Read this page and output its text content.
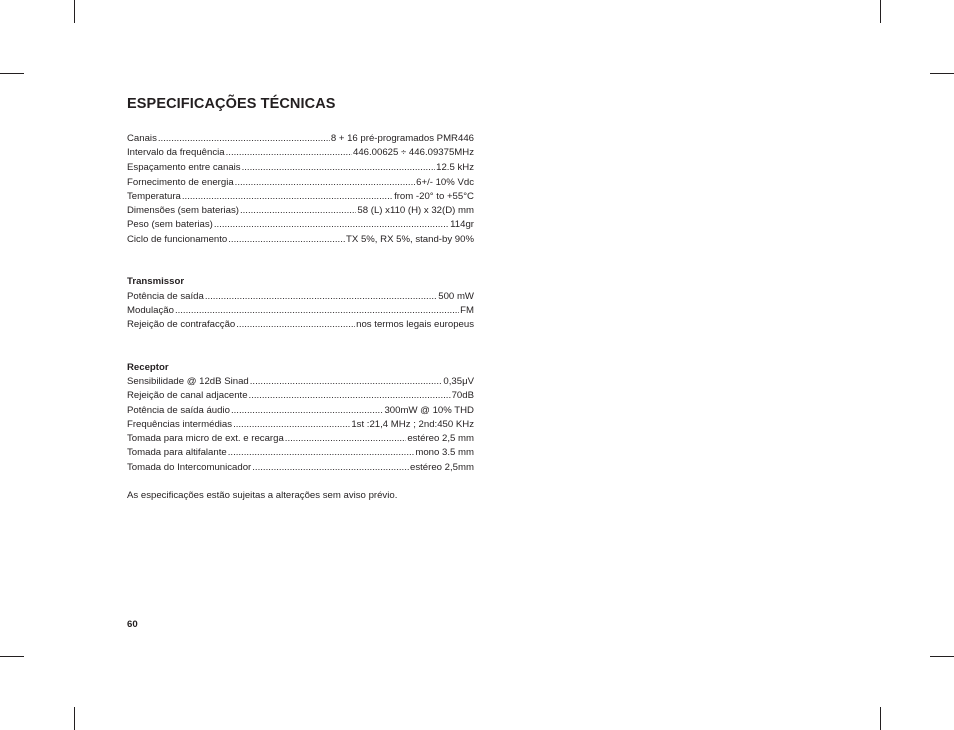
ESPECIFICAÇÕES TÉCNICAS
Canais .....	8 + 16 pré-programados PMR446
Intervalo da frequência .....	446.00625 ÷ 446.09375MHz
Espaçamento entre canais .....	12.5 kHz
Fornecimento de energia .....	6+/- 10% Vdc
Temperatura .....	from -20° to +55°C
Dimensões (sem baterias) .....	58 (L) x110 (H) x 32(D) mm
Peso (sem baterias) .....	114gr
Ciclo de funcionamento .....	TX 5%, RX 5%, stand-by 90%
Transmissor
Potência de saída .....	500 mW
Modulação .....	FM
Rejeição de contrafacção .....	nos termos legais europeus
Receptor
Sensibilidade @ 12dB Sinad .....	0,35μV
Rejeição de canal adjacente .....	70dB
Potência de saída áudio .....	300mW @ 10% THD
Frequências intermédias .....	1st :21,4 MHz ; 2nd:450 KHz
Tomada para micro de ext. e recarga .....	estéreo 2,5 mm
Tomada para altifalante .....	mono 3.5 mm
Tomada do Intercomunicador .....	estéreo 2,5mm
As especificações estão sujeitas a alterações sem aviso prévio.
60
